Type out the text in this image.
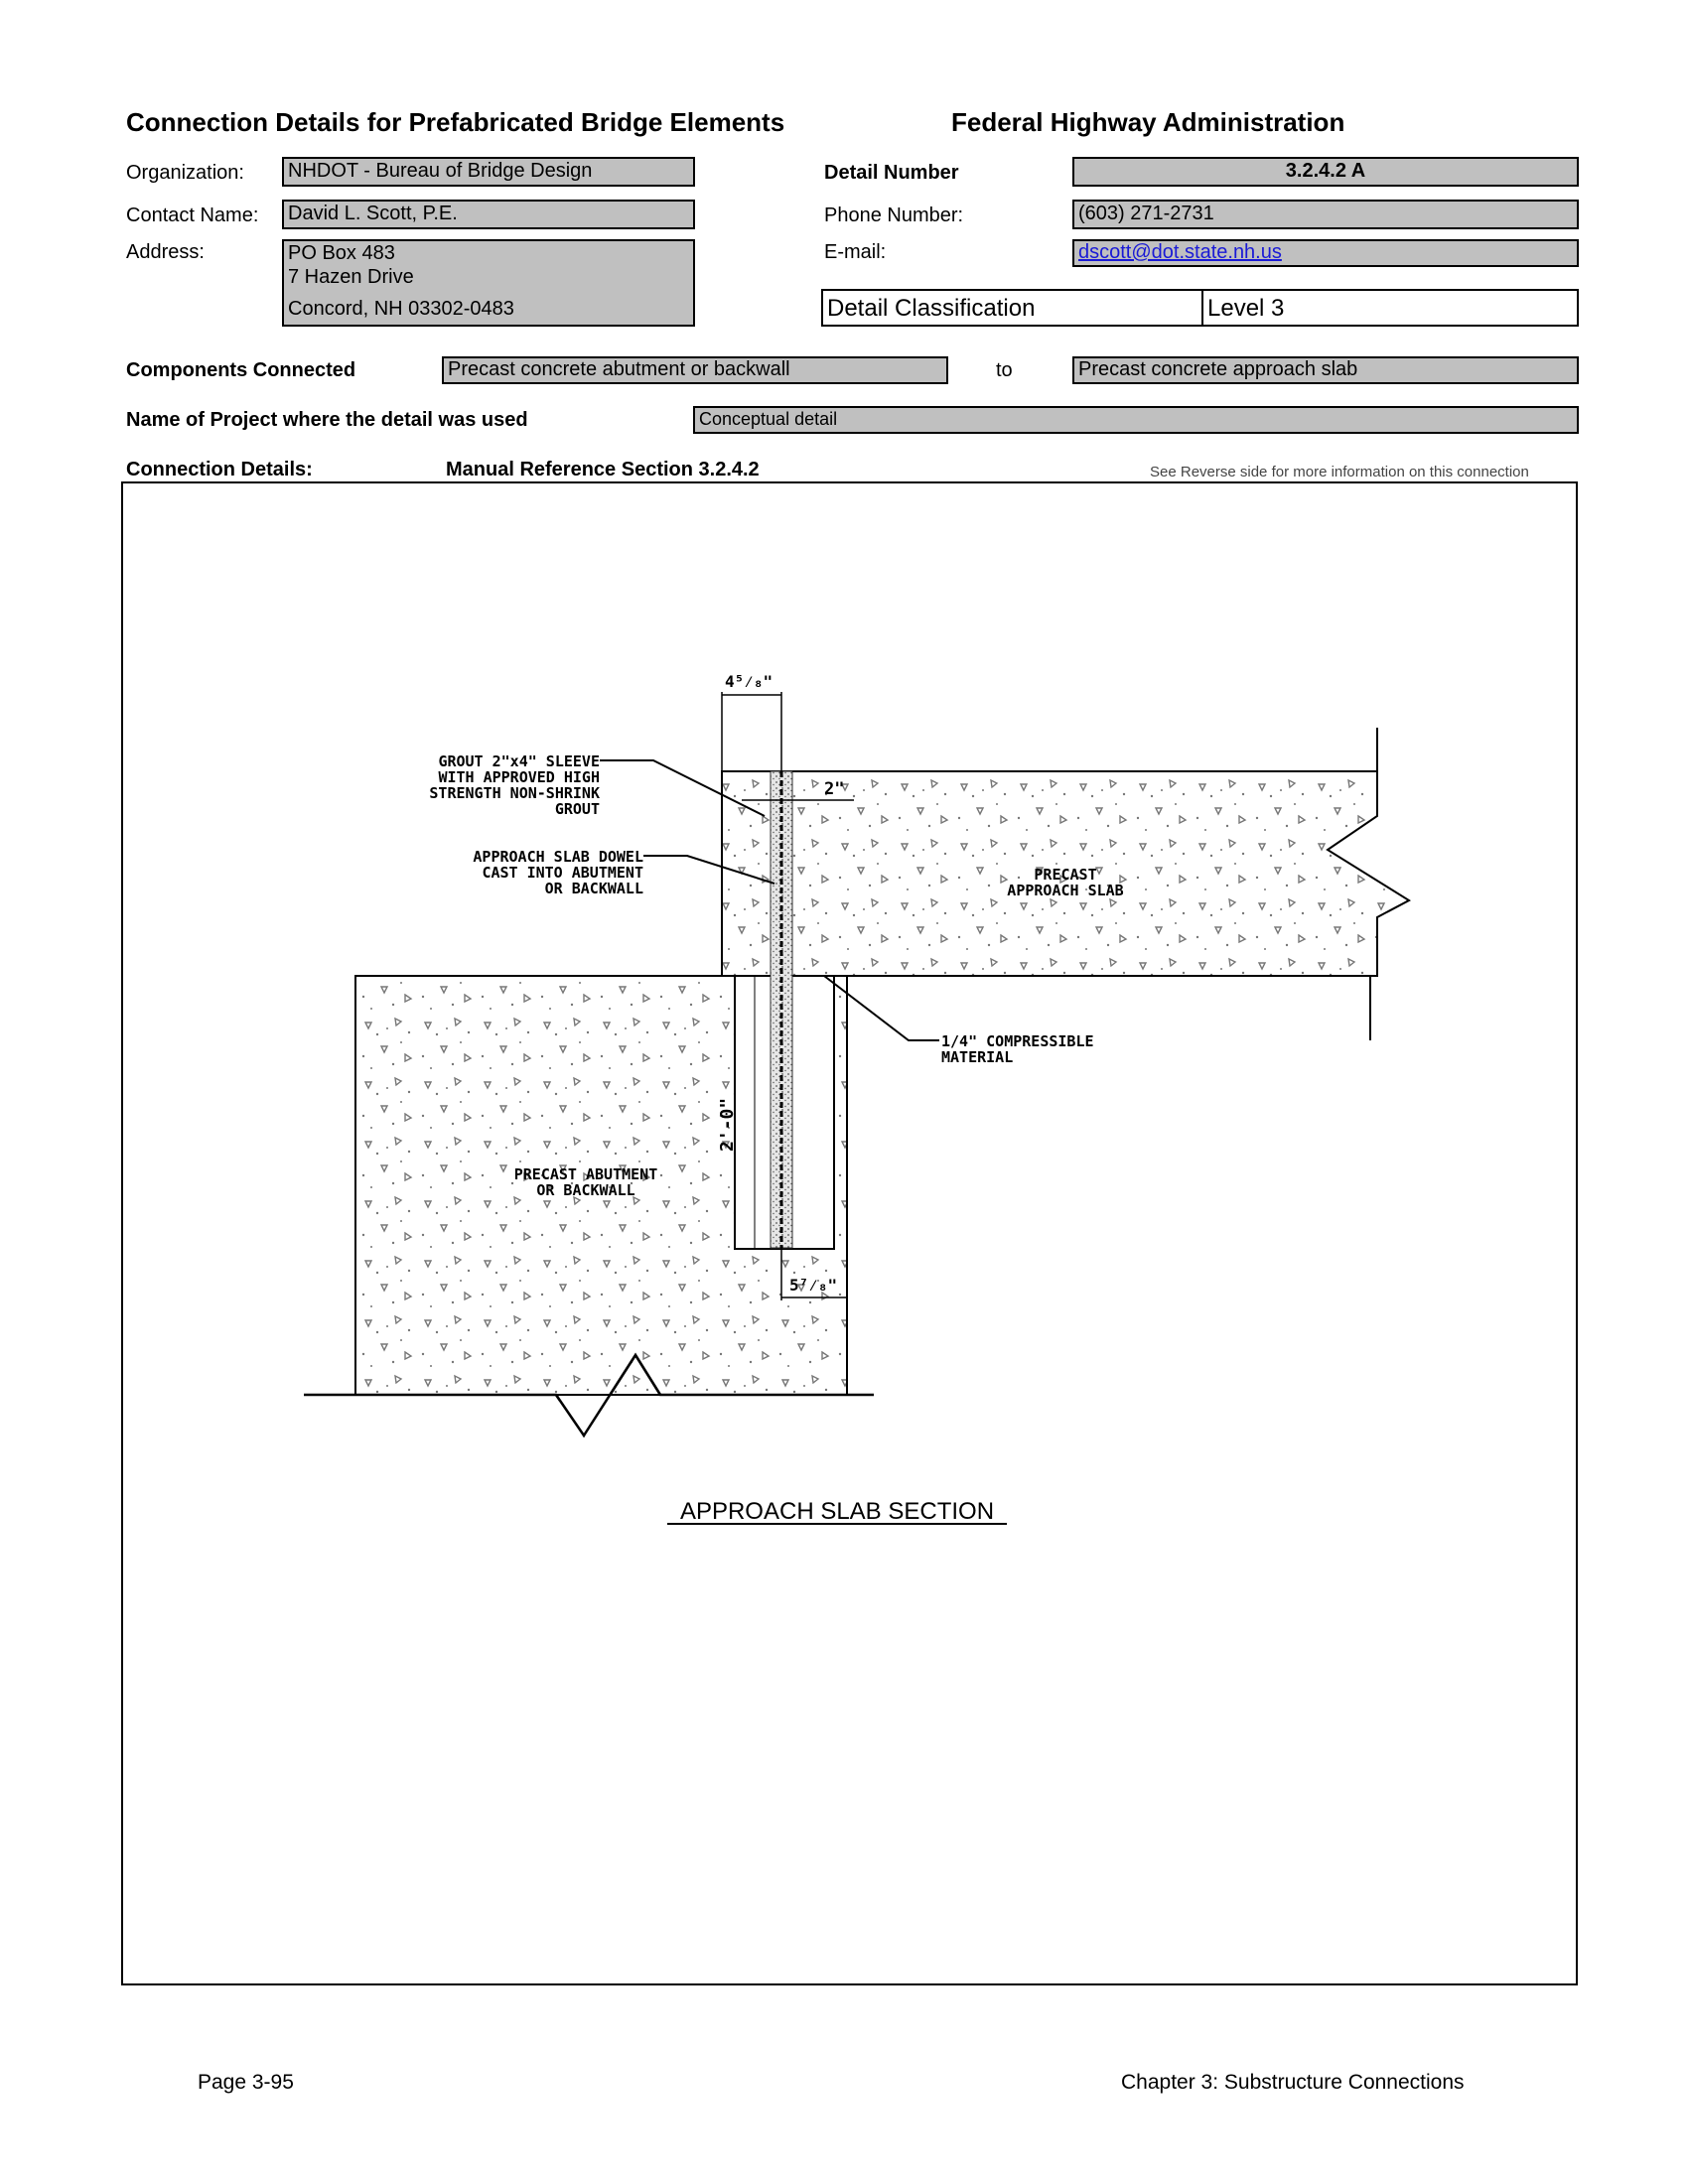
Connection Details for Prefabricated Bridge Elements	Federal Highway Administration
Organization:	NHDOT - Bureau of Bridge Design
Contact Name:	David L. Scott, P.E.
Address:	PO Box 483
7 Hazen Drive
Concord, NH 03302-0483
Detail Number	3.2.4.2 A
Phone Number:	(603) 271-2731
E-mail:	dscott@dot.state.nh.us
Detail Classification	Level 3
Components Connected	Precast concrete abutment or backwall	to	Precast concrete approach slab
Name of Project where the detail was used	Conceptual detail
Connection Details:	Manual Reference Section 3.2.4.2	See Reverse side for more information on this connection
4⁵⁄₈"
2"
2'-0"
5⁷⁄₈"
GROUT 2"x4" SLEEVE
WITH APPROVED HIGH
STRENGTH NON-SHRINK
GROUT
APPROACH SLAB DOWEL
CAST INTO ABUTMENT
OR BACKWALL
PRECAST
APPROACH SLAB
PRECAST ABUTMENT
OR BACKWALL
1/4" COMPRESSIBLE
MATERIAL
APPROACH SLAB SECTION
Page 3-95	Chapter 3: Substructure Connections
